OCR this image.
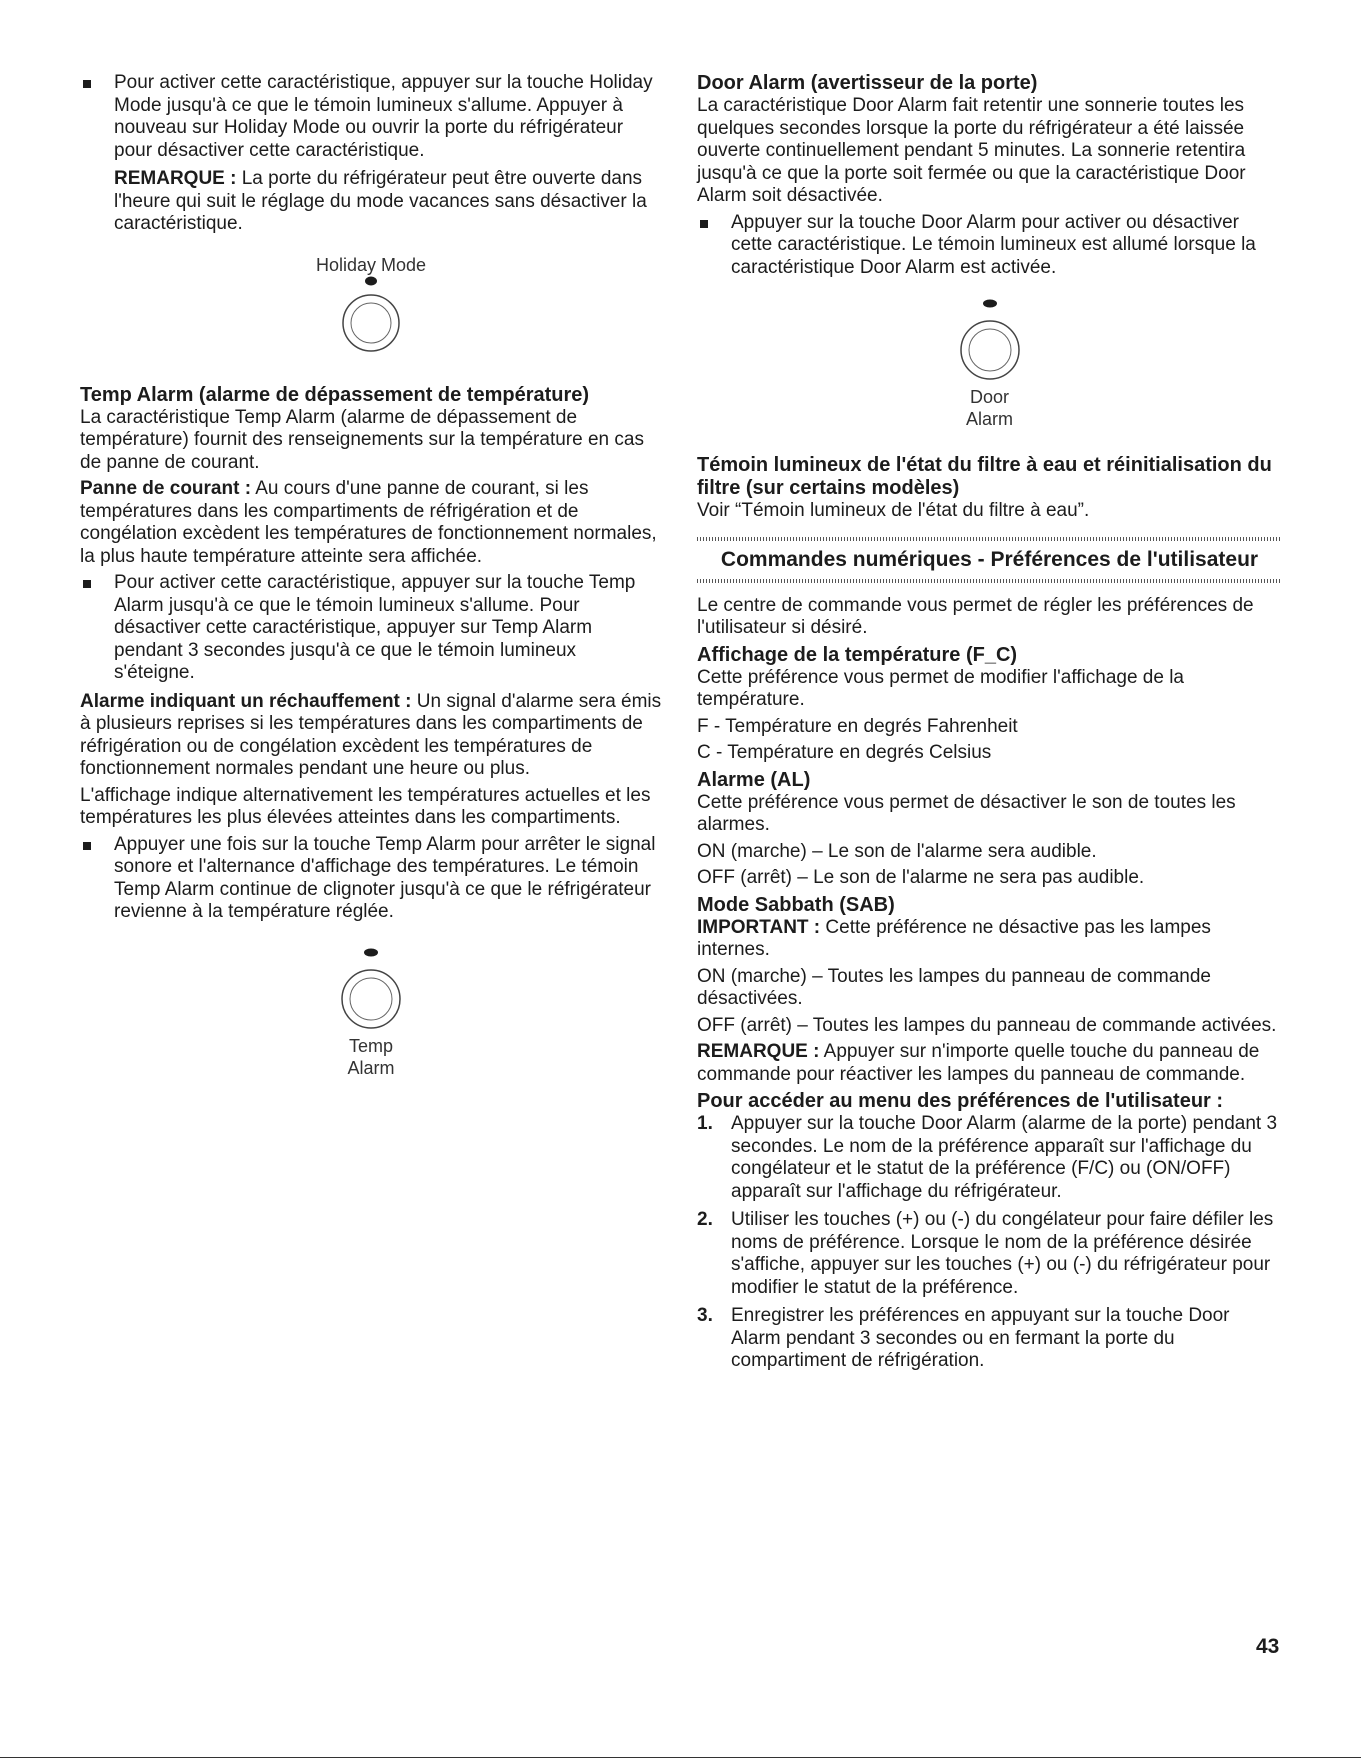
Pour activer cette caractéristique, appuyer sur la touche Holiday Mode jusqu'à ce que le témoin lumineux s'allume. Appuyer à nouveau sur Holiday Mode ou ouvrir la porte du réfrigérateur pour désactiver cette caractéristique.

REMARQUE : La porte du réfrigérateur peut être ouverte dans l'heure qui suit le réglage du mode vacances sans désactiver la caractéristique.

Holiday Mode
Temp Alarm (alarme de dépassement de température)

La caractéristique Temp Alarm (alarme de dépassement de température) fournit des renseignements sur la température en cas de panne de courant.

Panne de courant : Au cours d'une panne de courant, si les températures dans les compartiments de réfrigération et de congélation excèdent les températures de fonctionnement normales, la plus haute température atteinte sera affichée.

Pour activer cette caractéristique, appuyer sur la touche Temp Alarm jusqu'à ce que le témoin lumineux s'allume. Pour désactiver cette caractéristique, appuyer sur Temp Alarm pendant 3 secondes jusqu'à ce que le témoin lumineux s'éteigne.

Alarme indiquant un réchauffement : Un signal d'alarme sera émis à plusieurs reprises si les températures dans les compartiments de réfrigération ou de congélation excèdent les températures de fonctionnement normales pendant une heure ou plus.

L'affichage indique alternativement les températures actuelles et les températures les plus élevées atteintes dans les compartiments.

Appuyer une fois sur la touche Temp Alarm pour arrêter le signal sonore et l'alternance d'affichage des températures. Le témoin Temp Alarm continue de clignoter jusqu'à ce que le réfrigérateur revienne à la température réglée.
Temp
Alarm
Door Alarm (avertisseur de la porte)

La caractéristique Door Alarm fait retentir une sonnerie toutes les quelques secondes lorsque la porte du réfrigérateur a été laissée ouverte continuellement pendant 5 minutes. La sonnerie retentira jusqu'à ce que la porte soit fermée ou que la caractéristique Door Alarm soit désactivée.

Appuyer sur la touche Door Alarm pour activer ou désactiver cette caractéristique. Le témoin lumineux est allumé lorsque la caractéristique Door Alarm est activée.
Door
Alarm
Témoin lumineux de l'état du filtre à eau et réinitialisation du filtre (sur certains modèles)

Voir “Témoin lumineux de l'état du filtre à eau”.

Commandes numériques - Préférences de l'utilisateur

Le centre de commande vous permet de régler les préférences de l'utilisateur si désiré.

Affichage de la température (F_C)

Cette préférence vous permet de modifier l'affichage de la température.

F - Température en degrés Fahrenheit

C - Température en degrés Celsius

Alarme (AL)

Cette préférence vous permet de désactiver le son de toutes les alarmes.

ON (marche) – Le son de l'alarme sera audible.

OFF (arrêt) – Le son de l'alarme ne sera pas audible.

Mode Sabbath (SAB)

IMPORTANT : Cette préférence ne désactive pas les lampes internes.

ON (marche) – Toutes les lampes du panneau de commande désactivées.

OFF (arrêt) – Toutes les lampes du panneau de commande activées.

REMARQUE : Appuyer sur n'importe quelle touche du panneau de commande pour réactiver les lampes du panneau de commande.

Pour accéder au menu des préférences de l'utilisateur :
1. Appuyer sur la touche Door Alarm (alarme de la porte) pendant 3 secondes. Le nom de la préférence apparaît sur l'affichage du congélateur et le statut de la préférence (F/C) ou (ON/OFF) apparaît sur l'affichage du réfrigérateur.
2. Utiliser les touches (+) ou (-) du congélateur pour faire défiler les noms de préférence. Lorsque le nom de la préférence désirée s'affiche, appuyer sur les touches (+) ou (-) du réfrigérateur pour modifier le statut de la préférence.
3. Enregistrer les préférences en appuyant sur la touche Door Alarm pendant 3 secondes ou en fermant la porte du compartiment de réfrigération.
43
